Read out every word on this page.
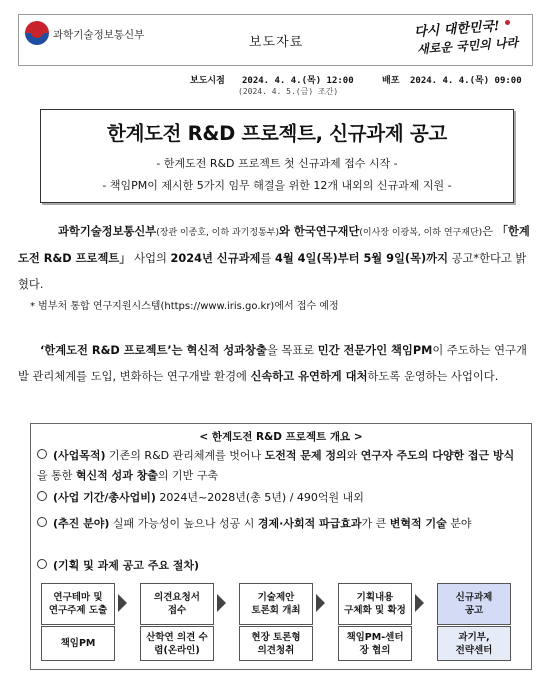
과학기술정보통신부	보도자료
다시 대한민국!
새로운 국민의 나라
보도시점 2024. 4. 4.(목) 12:00
(2024. 4. 5.(금) 조간)
배포 2024. 4. 4.(목) 09:00
한계도전 R&D 프로젝트, 신규과제 공고
- 한계도전 R&D 프로젝트 첫 신규과제 접수 시작 -
- 책임PM이 제시한 5가지 임무 해결을 위한 12개 내외의 신규과제 지원 -
과학기술정보통신부(장관 이종호, 이하 과기정통부)와 한국연구재단(이사장 이광복, 이하 연구재단)은 「한계도전 R&D 프로젝트」 사업의 2024년 신규과제를 4월 4일(목)부터 5월 9일(목)까지 공고*한다고 밝혔다.
* 범부처 통합 연구지원시스템(https://www.iris.go.kr)에서 접수 예정
‘한계도전 R&D 프로젝트’는 혁신적 성과창출을 목표로 민간 전문가인 책임PM이 주도하는 연구개발 관리체계를 도입, 변화하는 연구개발 환경에 신속하고 유연하게 대처하도록 운영하는 사업이다.
< 한계도전 R&D 프로젝트 개요 >
(사업목적) 기존의 R&D 관리체계를 벗어나 도전적 문제 정의와 연구자 주도의 다양한 접근 방식을 통한 혁신적 성과 창출의 기반 구축
(사업 기간/총사업비) 2024년~2028년(총 5년) / 490억원 내외
(추진 분야) 실패 가능성이 높으나 성공 시 경제·사회적 파급효과가 큰 변혁적 기술 분야
(기획 및 과제 공고 주요 절차)
연구테마 및
연구주제 도출
책임PM
의견요청서
접수
산학연 의견 수
렴(온라인)
기술제안
토론회 개최
현장 토론형
의견청취
기획내용
구체화 및 확정
책임PM-센터
장 협의
신규과제
공고
과기부,
전략센터
